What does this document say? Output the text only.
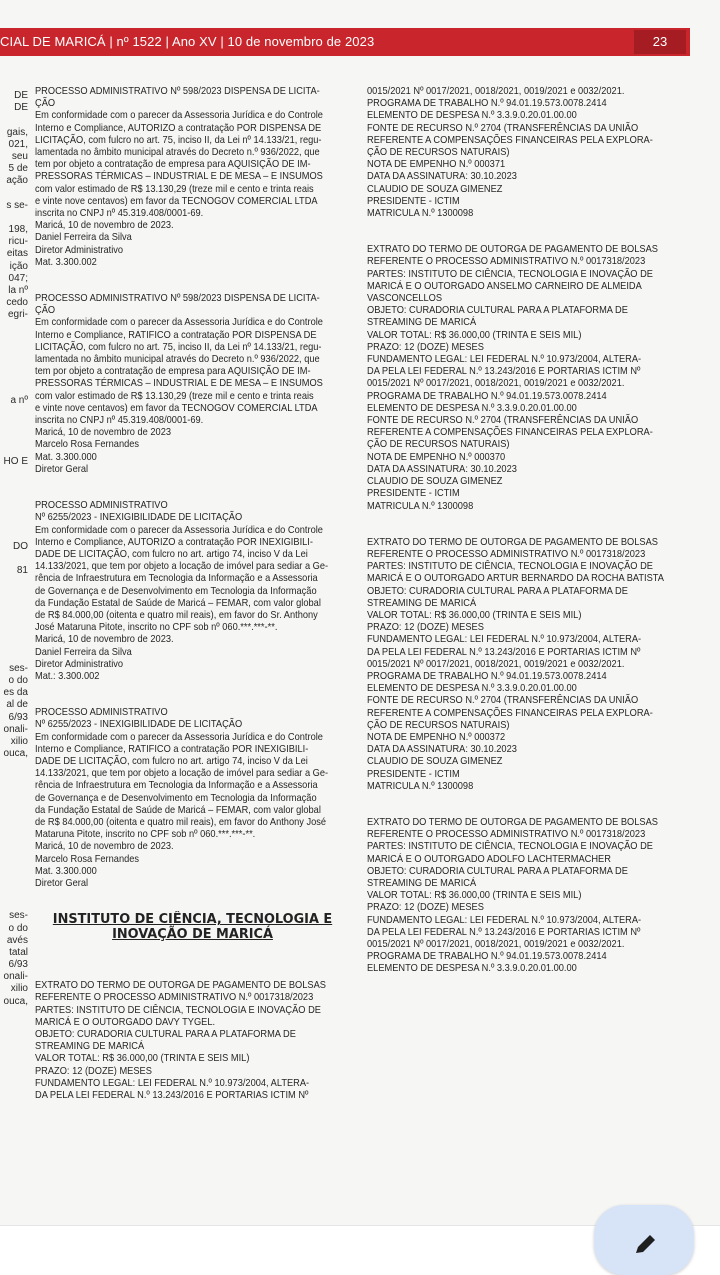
CIAL DE MARICÁ | nº 1522 | Ano XV | 10 de novembro de 2023	23
DE
DE
gais,
021,
seu
5 de
ação
s se-
198,
ricu-
eitas
ição
047;
la nº
cedo
egri-
a nº
HO E
DO
81
ses-
o do
es da
al de
6/93
onali-
xilio
ouca,
ses-
o do
avés
tatal
6/93
onali-
xilio
ouca,

PROCESSO ADMINISTRATIVO Nº 598/2023 DISPENSA DE LICITA-

ÇÃO

Em conformidade com o parecer da Assessoria Jurídica e do Controle

Interno e Compliance, AUTORIZO a contratação POR DISPENSA DE

LICITAÇÃO, com fulcro no art. 75, inciso II, da Lei nº 14.133/21, regu-

lamentada no âmbito municipal através do Decreto n.º 936/2022, que

tem por objeto a contratação de empresa para AQUISIÇÃO DE IM-

PRESSORAS TÉRMICAS – INDUSTRIAL E DE MESA – E INSUMOS

com valor estimado de R$ 13.130,29 (treze mil e cento e trinta reais

e vinte nove centavos) em favor da TECNOGOV COMERCIAL LTDA

inscrita no CNPJ nº 45.319.408/0001-69.

Maricá, 10 de novembro de 2023.

Daniel Ferreira da Silva

Diretor Administrativo

Mat. 3.300.002

PROCESSO ADMINISTRATIVO Nº 598/2023 DISPENSA DE LICITA-

ÇÃO

Em conformidade com o parecer da Assessoria Jurídica e do Controle

Interno e Compliance, RATIFICO a contratação POR DISPENSA DE

LICITAÇÃO, com fulcro no art. 75, inciso II, da Lei nº 14.133/21, regu-

lamentada no âmbito municipal através do Decreto n.º 936/2022, que

tem por objeto a contratação de empresa para AQUISIÇÃO DE IM-

PRESSORAS TÉRMICAS – INDUSTRIAL E DE MESA – E INSUMOS

com valor estimado de R$ 13.130,29 (treze mil e cento e trinta reais

e vinte nove centavos) em favor da TECNOGOV COMERCIAL LTDA

inscrita no CNPJ nº 45.319.408/0001-69.

Maricá, 10 de novembro de 2023

Marcelo Rosa Fernandes

Mat. 3.300.000

Diretor Geral

PROCESSO ADMINISTRATIVO

Nº 6255/2023 - INEXIGIBILIDADE DE LICITAÇÃO

Em conformidade com o parecer da Assessoria Jurídica e do Controle

Interno e Compliance, AUTORIZO a contratação POR INEXIGIBILI-

DADE DE LICITAÇÃO, com fulcro no art. artigo 74, inciso V da Lei

14.133/2021, que tem por objeto a locação de imóvel para sediar a Ge-

rência de Infraestrutura em Tecnologia da Informação e a Assessoria

de Governança e de Desenvolvimento em Tecnologia da Informação

da Fundação Estatal de Saúde de Maricá – FEMAR, com valor global

de R$ 84.000,00 (oitenta e quatro mil reais), em favor do Sr. Anthony

José Mataruna Pitote, inscrito no CPF sob nº 060.***.***-**.

Maricá, 10 de novembro de 2023.

Daniel Ferreira da Silva

Diretor Administrativo

Mat.: 3.300.002

PROCESSO ADMINISTRATIVO

Nº 6255/2023 - INEXIGIBILIDADE DE LICITAÇÃO

Em conformidade com o parecer da Assessoria Jurídica e do Controle

Interno e Compliance, RATIFICO a contratação POR INEXIGIBILI-

DADE DE LICITAÇÃO, com fulcro no art. artigo 74, inciso V da Lei

14.133/2021, que tem por objeto a locação de imóvel para sediar a Ge-

rência de Infraestrutura em Tecnologia da Informação e a Assessoria

de Governança e de Desenvolvimento em Tecnologia da Informação

da Fundação Estatal de Saúde de Maricá – FEMAR, com valor global

de R$ 84.000,00 (oitenta e quatro mil reais), em favor do Anthony José

Mataruna Pitote, inscrito no CPF sob nº 060.***.***-**.

Maricá, 10 de novembro de 2023.

Marcelo Rosa Fernandes

Mat. 3.300.000

Diretor Geral

INSTITUTO DE CIÊNCIA, TECNOLOGIA E
INOVAÇÃO DE MARICÁ

EXTRATO DO TERMO DE OUTORGA DE PAGAMENTO DE BOLSAS

REFERENTE O PROCESSO ADMINISTRATIVO N.º 0017318/2023

PARTES: INSTITUTO DE CIÊNCIA, TECNOLOGIA E INOVAÇÃO DE

MARICÁ E O OUTORGADO DAVY TYGEL.

OBJETO: CURADORIA CULTURAL PARA A PLATAFORMA DE

STREAMING DE MARICÁ

VALOR TOTAL: R$ 36.000,00 (TRINTA E SEIS MIL)

PRAZO: 12 (DOZE) MESES

FUNDAMENTO LEGAL: LEI FEDERAL N.º 10.973/2004, ALTERA-

DA PELA LEI FEDERAL N.º 13.243/2016 E PORTARIAS ICTIM Nº

0015/2021 Nº 0017/2021, 0018/2021, 0019/2021 e 0032/2021.

PROGRAMA DE TRABALHO N.º 94.01.19.573.0078.2414

ELEMENTO DE DESPESA N.º 3.3.9.0.20.01.00.00

FONTE DE RECURSO N.º 2704 (TRANSFERÊNCIAS DA UNIÃO

REFERENTE A COMPENSAÇÕES FINANCEIRAS PELA EXPLORA-

ÇÃO DE RECURSOS NATURAIS)

NOTA DE EMPENHO N.º 000371

DATA DA ASSINATURA: 30.10.2023

CLAUDIO DE SOUZA GIMENEZ

PRESIDENTE - ICTIM

MATRICULA N.º 1300098

EXTRATO DO TERMO DE OUTORGA DE PAGAMENTO DE BOLSAS

REFERENTE O PROCESSO ADMINISTRATIVO N.º 0017318/2023

PARTES: INSTITUTO DE CIÊNCIA, TECNOLOGIA E INOVAÇÃO DE

MARICÁ E O OUTORGADO ANSELMO CARNEIRO DE ALMEIDA

VASCONCELLOS

OBJETO: CURADORIA CULTURAL PARA A PLATAFORMA DE

STREAMING DE MARICÁ

VALOR TOTAL: R$ 36.000,00 (TRINTA E SEIS MIL)

PRAZO: 12 (DOZE) MESES

FUNDAMENTO LEGAL: LEI FEDERAL N.º 10.973/2004, ALTERA-

DA PELA LEI FEDERAL N.º 13.243/2016 E PORTARIAS ICTIM Nº

0015/2021 Nº 0017/2021, 0018/2021, 0019/2021 e 0032/2021.

PROGRAMA DE TRABALHO N.º 94.01.19.573.0078.2414

ELEMENTO DE DESPESA N.º 3.3.9.0.20.01.00.00

FONTE DE RECURSO N.º 2704 (TRANSFERÊNCIAS DA UNIÃO

REFERENTE A COMPENSAÇÕES FINANCEIRAS PELA EXPLORA-

ÇÃO DE RECURSOS NATURAIS)

NOTA DE EMPENHO N.º 000370

DATA DA ASSINATURA: 30.10.2023

CLAUDIO DE SOUZA GIMENEZ

PRESIDENTE - ICTIM

MATRICULA N.º 1300098

EXTRATO DO TERMO DE OUTORGA DE PAGAMENTO DE BOLSAS

REFERENTE O PROCESSO ADMINISTRATIVO N.º 0017318/2023

PARTES: INSTITUTO DE CIÊNCIA, TECNOLOGIA E INOVAÇÃO DE

MARICÁ E O OUTORGADO ARTUR BERNARDO DA ROCHA BATISTA

OBJETO: CURADORIA CULTURAL PARA A PLATAFORMA DE

STREAMING DE MARICÁ

VALOR TOTAL: R$ 36.000,00 (TRINTA E SEIS MIL)

PRAZO: 12 (DOZE) MESES

FUNDAMENTO LEGAL: LEI FEDERAL N.º 10.973/2004, ALTERA-

DA PELA LEI FEDERAL N.º 13.243/2016 E PORTARIAS ICTIM Nº

0015/2021 Nº 0017/2021, 0018/2021, 0019/2021 e 0032/2021.

PROGRAMA DE TRABALHO N.º 94.01.19.573.0078.2414

ELEMENTO DE DESPESA N.º 3.3.9.0.20.01.00.00

FONTE DE RECURSO N.º 2704 (TRANSFERÊNCIAS DA UNIÃO

REFERENTE A COMPENSAÇÕES FINANCEIRAS PELA EXPLORA-

ÇÃO DE RECURSOS NATURAIS)

NOTA DE EMPENHO N.º 000372

DATA DA ASSINATURA: 30.10.2023

CLAUDIO DE SOUZA GIMENEZ

PRESIDENTE - ICTIM

MATRICULA N.º 1300098

EXTRATO DO TERMO DE OUTORGA DE PAGAMENTO DE BOLSAS

REFERENTE O PROCESSO ADMINISTRATIVO N.º 0017318/2023

PARTES: INSTITUTO DE CIÊNCIA, TECNOLOGIA E INOVAÇÃO DE

MARICÁ E O OUTORGADO ADOLFO LACHTERMACHER

OBJETO: CURADORIA CULTURAL PARA A PLATAFORMA DE

STREAMING DE MARICÁ

VALOR TOTAL: R$ 36.000,00 (TRINTA E SEIS MIL)

PRAZO: 12 (DOZE) MESES

FUNDAMENTO LEGAL: LEI FEDERAL N.º 10.973/2004, ALTERA-

DA PELA LEI FEDERAL N.º 13.243/2016 E PORTARIAS ICTIM Nº

0015/2021 Nº 0017/2021, 0018/2021, 0019/2021 e 0032/2021.

PROGRAMA DE TRABALHO N.º 94.01.19.573.0078.2414

ELEMENTO DE DESPESA N.º 3.3.9.0.20.01.00.00
